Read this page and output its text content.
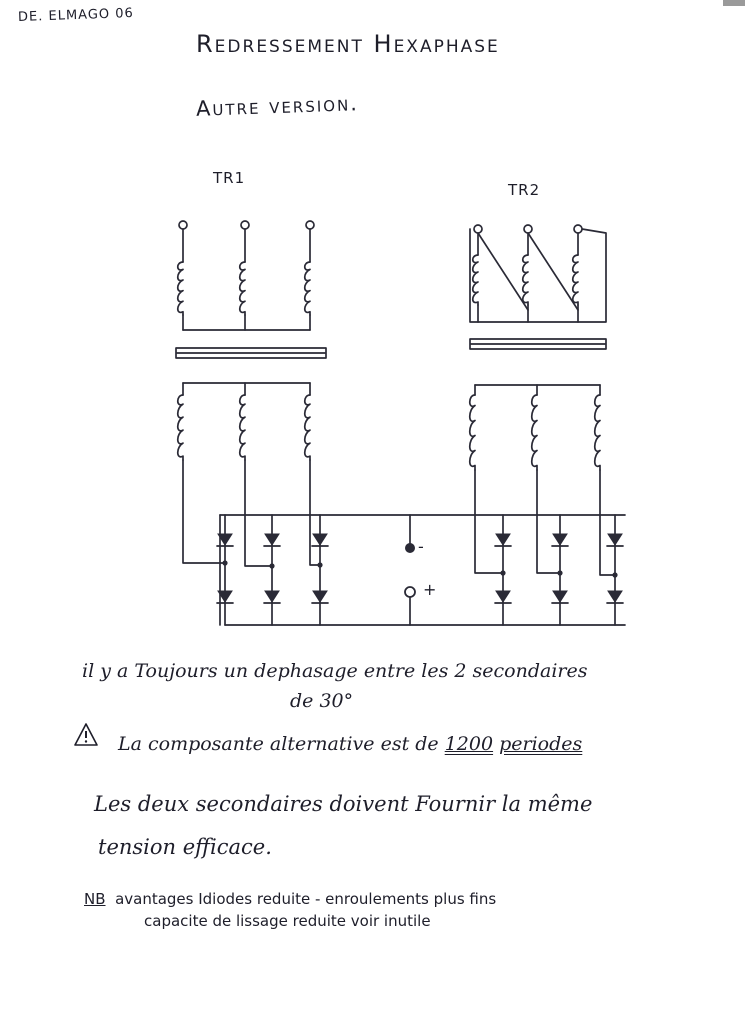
DE. ELMAGO 06
Redressement Hexaphase
Autre version.
TR1
TR2
-
+
il y a Toujours un dephasage entre les 2 secondaires
de 30°
La composante alternative est de 1200 periodes
Les deux secondaires doivent Fournir la même
tension efficace.
NB avantages Idiodes reduite - enroulements plus fins
capacite de lissage reduite voir inutile
